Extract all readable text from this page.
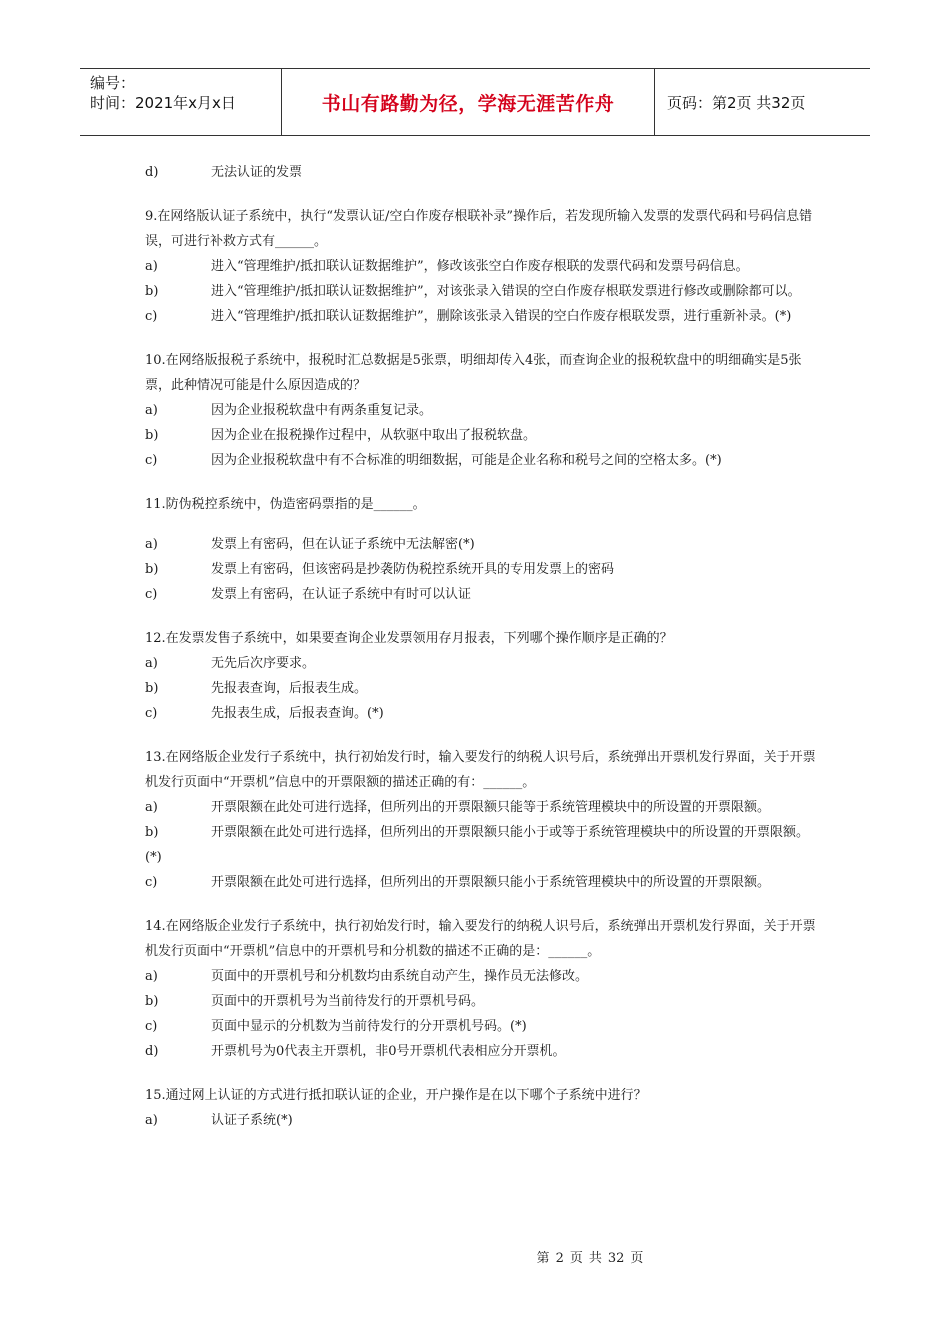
编号：
时间：2021年x月x日	书山有路勤为径，学海无涯苦作舟	页码：第2页 共32页
d)	无法认证的发票
9.在网络版认证子系统中，执行“发票认证/空白作废存根联补录”操作后，若发现所输入发票的发票代码和号码信息错误，可进行补救方式有______。
a)	进入“管理维护/抵扣联认证数据维护”，修改该张空白作废存根联的发票代码和发票号码信息。
b)	进入“管理维护/抵扣联认证数据维护”，对该张录入错误的空白作废存根联发票进行修改或删除都可以。
c)	进入“管理维护/抵扣联认证数据维护”，删除该张录入错误的空白作废存根联发票，进行重新补录。(*)
10.在网络版报税子系统中，报税时汇总数据是5张票，明细却传入4张，而查询企业的报税软盘中的明细确实是5张票，此种情况可能是什么原因造成的？
a)	因为企业报税软盘中有两条重复记录。
b)	因为企业在报税操作过程中，从软驱中取出了报税软盘。
c)	因为企业报税软盘中有不合标准的明细数据，可能是企业名称和税号之间的空格太多。(*)
11.防伪税控系统中，伪造密码票指的是______。
a)	发票上有密码，但在认证子系统中无法解密(*)
b)	发票上有密码，但该密码是抄袭防伪税控系统开具的专用发票上的密码
c)	发票上有密码，在认证子系统中有时可以认证
12.在发票发售子系统中，如果要查询企业发票领用存月报表，下列哪个操作顺序是正确的？
a)	无先后次序要求。
b)	先报表查询，后报表生成。
c)	先报表生成，后报表查询。(*)
13.在网络版企业发行子系统中，执行初始发行时，输入要发行的纳税人识号后，系统弹出开票机发行界面，关于开票机发行页面中“开票机”信息中的开票限额的描述正确的有：______。
a)	开票限额在此处可进行选择，但所列出的开票限额只能等于系统管理模块中的所设置的开票限额。
b)	开票限额在此处可进行选择，但所列出的开票限额只能小于或等于系统管理模块中的所设置的开票限额。(*)
c)	开票限额在此处可进行选择，但所列出的开票限额只能小于系统管理模块中的所设置的开票限额。
14.在网络版企业发行子系统中，执行初始发行时，输入要发行的纳税人识号后，系统弹出开票机发行界面，关于开票机发行页面中“开票机”信息中的开票机号和分机数的描述不正确的是：______。
a)	页面中的开票机号和分机数均由系统自动产生，操作员无法修改。
b)	页面中的开票机号为当前待发行的开票机号码。
c)	页面中显示的分机数为当前待发行的分开票机号码。(*)
d)	开票机号为0代表主开票机，非0号开票机代表相应分开票机。
15.通过网上认证的方式进行抵扣联认证的企业，开户操作是在以下哪个子系统中进行？
a)	认证子系统(*)
第 2 页 共 32 页
